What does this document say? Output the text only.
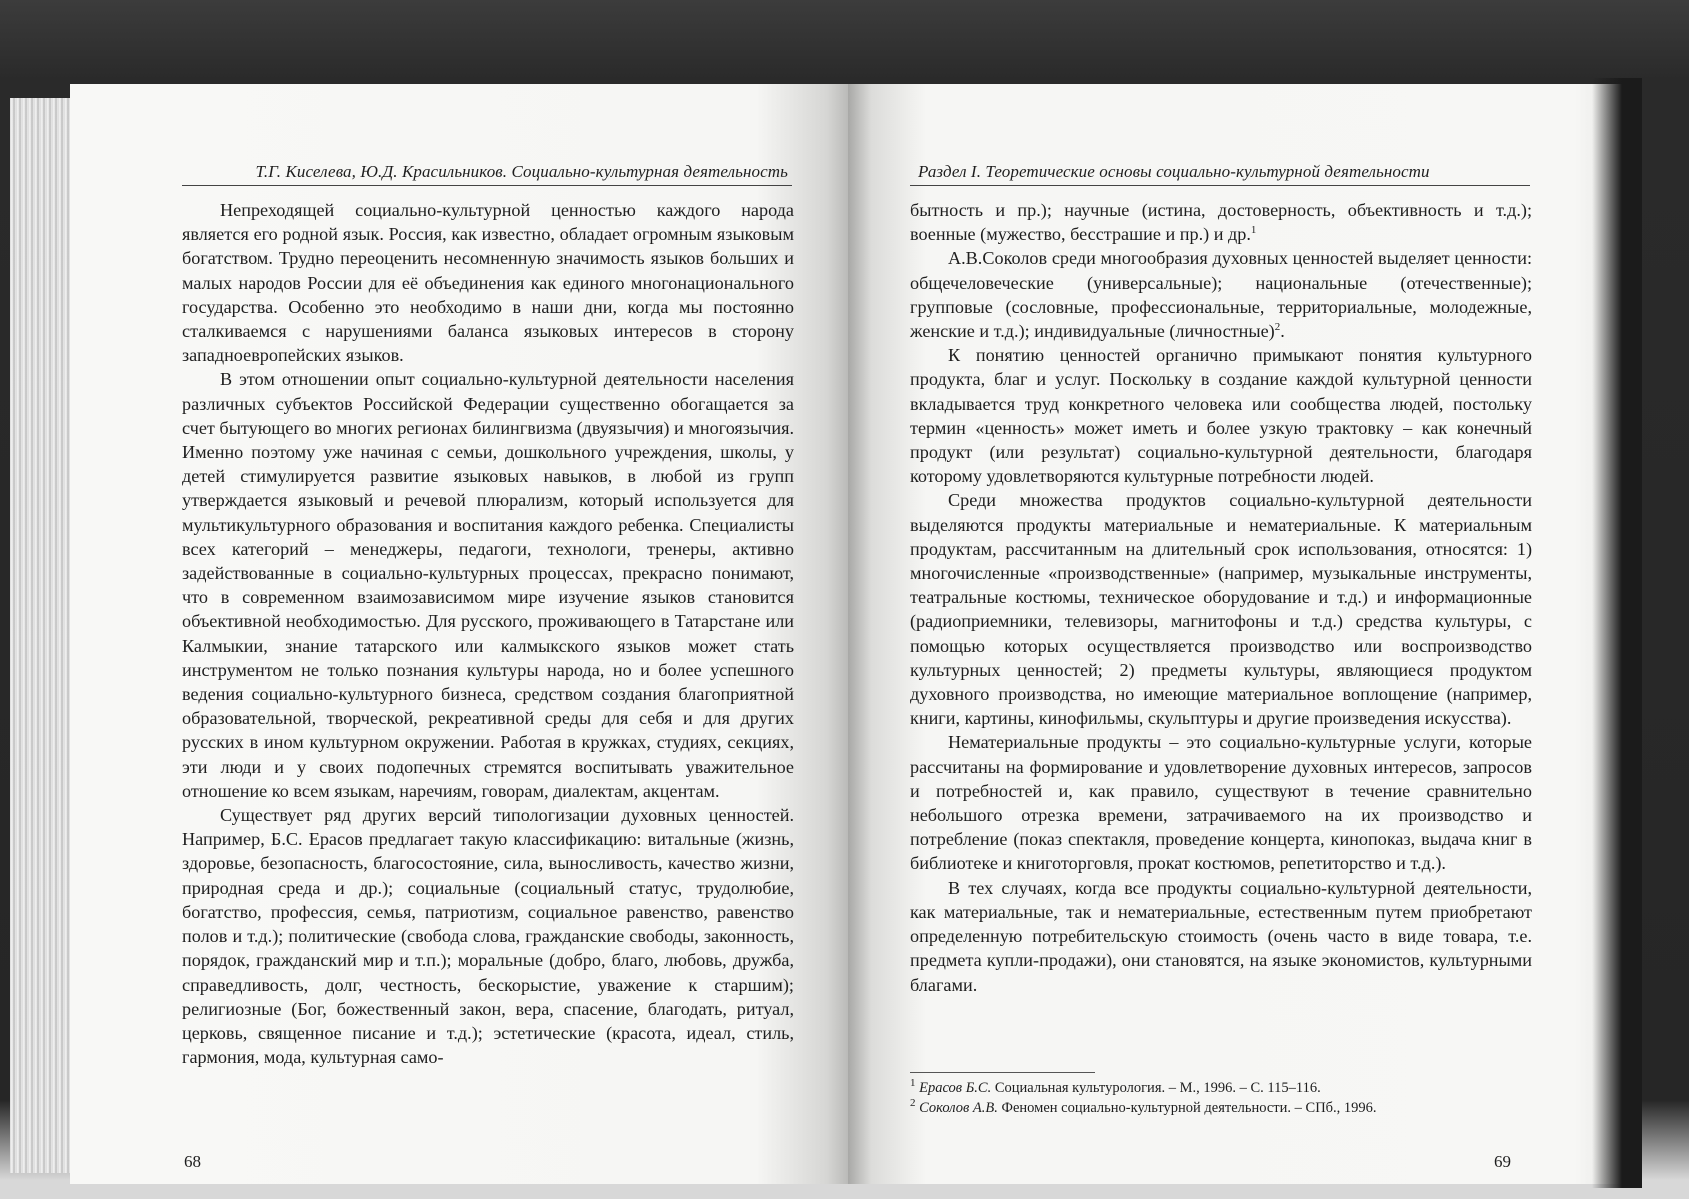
Т.Г. Киселева, Ю.Д. Красильников. Социально-культурная деятельность

Непреходящей социально-культурной ценностью каждого народа является его родной язык. Россия, как известно, обладает огромным языковым богатством. Трудно переоценить несомненную значимость языков больших и малых народов России для её объединения как единого многонационального государства. Особенно это необходимо в наши дни, когда мы постоянно сталкиваемся с нарушениями баланса языковых интересов в сторону западноевропейских языков.

В этом отношении опыт социально-культурной деятельности населения различных субъектов Российской Федерации существенно обогащается за счет бытующего во многих регионах билингвизма (двуязычия) и многоязычия. Именно поэтому уже начиная с семьи, дошкольного учреждения, школы, у детей стимулируется развитие языковых навыков, в любой из групп утверждается языковый и речевой плюрализм, который используется для мультикультурного образования и воспитания каждого ребенка. Специалисты всех категорий – менеджеры, педагоги, технологи, тренеры, активно задействованные в социально-культурных процессах, прекрасно понимают, что в современном взаимозависимом мире изучение языков становится объективной необходимостью. Для русского, проживающего в Татарстане или Калмыкии, знание татарского или калмыкского языков может стать инструментом не только познания культуры народа, но и более успешного ведения социально-культурного бизнеса, средством создания благоприятной образовательной, творческой, рекреативной среды для себя и для других русских в ином культурном окружении. Работая в кружках, студиях, секциях, эти люди и у своих подопечных стремятся воспитывать уважительное отношение ко всем языкам, наречиям, говорам, диалектам, акцентам.

Существует ряд других версий типологизации духовных ценностей. Например, Б.С. Ерасов предлагает такую классификацию: витальные (жизнь, здоровье, безопасность, благосостояние, сила, выносливость, качество жизни, природная среда и др.); социальные (социальный статус, трудолюбие, богатство, профессия, семья, патриотизм, социальное равенство, равенство полов и т.д.); политические (свобода слова, гражданские свободы, законность, порядок, гражданский мир и т.п.); моральные (добро, благо, любовь, дружба, справедливость, долг, честность, бескорыстие, уважение к старшим); религиозные (Бог, божественный закон, вера, спасение, благодать, ритуал, церковь, священное писание и т.д.); эстетические (красота, идеал, стиль, гармония, мода, культурная само-

68
Раздел I. Теоретические основы социально-культурной деятельности

бытность и пр.); научные (истина, достоверность, объективность и т.д.); военные (мужество, бесстрашие и пр.) и др.$^1$

А.В.Соколов среди многообразия духовных ценностей выделяет ценности: общечеловеческие (универсальные); национальные (отечественные); групповые (сословные, профессиональные, территориальные, молодежные, женские и т.д.); индивидуальные (личностные)$^2$.

К понятию ценностей органично примыкают понятия культурного продукта, благ и услуг. Поскольку в создание каждой культурной ценности вкладывается труд конкретного человека или сообщества людей, постольку термин «ценность» может иметь и более узкую трактовку – как конечный продукт (или результат) социально-культурной деятельности, благодаря которому удовлетворяются культурные потребности людей.

Среди множества продуктов социально-культурной деятельности выделяются продукты материальные и нематериальные. К материальным продуктам, рассчитанным на длительный срок использования, относятся: 1) многочисленные «производственные» (например, музыкальные инструменты, театральные костюмы, техническое оборудование и т.д.) и информационные (радиоприемники, телевизоры, магнитофоны и т.д.) средства культуры, с помощью которых осуществляется производство или воспроизводство культурных ценностей; 2) предметы культуры, являющиеся продуктом духовного производства, но имеющие материальное воплощение (например, книги, картины, кинофильмы, скульптуры и другие произведения искусства).

Нематериальные продукты – это социально-культурные услуги, которые рассчитаны на формирование и удовлетворение духовных интересов, запросов и потребностей и, как правило, существуют в течение сравнительно небольшого отрезка времени, затрачиваемого на их производство и потребление (показ спектакля, проведение концерта, кинопоказ, выдача книг в библиотеке и книготорговля, прокат костюмов, репетиторство и т.д.).

В тех случаях, когда все продукты социально-культурной деятельности, как материальные, так и нематериальные, естественным путем приобретают определенную потребительскую стоимость (очень часто в виде товара, т.е. предмета купли-продажи), они становятся, на языке экономистов, культурными благами.

$^1$ Ерасов Б.С. Социальная культурология. – М., 1996. – С. 115–116.
$^2$ Соколов А.В. Феномен социально-культурной деятельности. – СПб., 1996.
69
